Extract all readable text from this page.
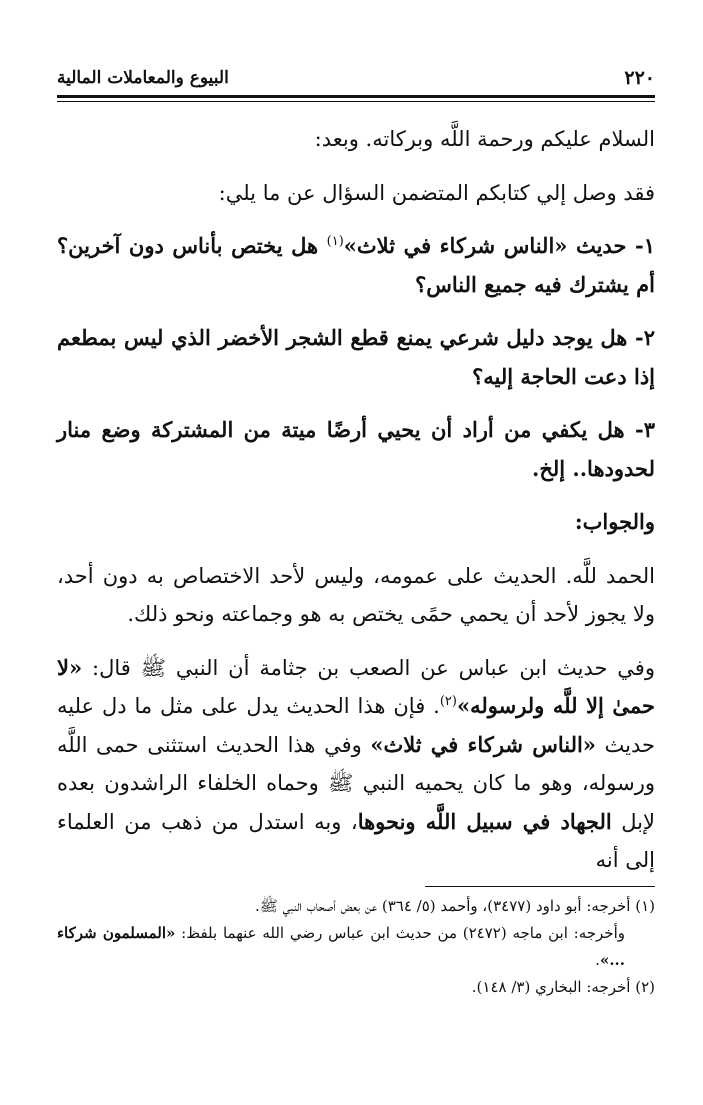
٢٢٠
البيوع والمعاملات المالية

السلام عليكم ورحمة اللَّه وبركاته. وبعد:

فقد وصل إلي كتابكم المتضمن السؤال عن ما يلي:

١- حديث «الناس شركاء في ثلاث»$^{(١)}$ هل يختص بأناس دون آخرين؟ أم يشترك فيه جميع الناس؟

٢- هل يوجد دليل شرعي يمنع قطع الشجر الأخضر الذي ليس بمطعم إذا دعت الحاجة إليه؟

٣- هل يكفي من أراد أن يحيي أرضًا ميتة من المشتركة وضع منار لحدودها.. إلخ.

والجواب:

الحمد للَّه. الحديث على عمومه، وليس لأحد الاختصاص به دون أحد، ولا يجوز لأحد أن يحمي حمًى يختص به هو وجماعته ونحو ذلك.

وفي حديث ابن عباس عن الصعب بن جثامة أن النبي ﷺ قال: «لا حمىٰ إلا للَّه ولرسوله»$^{(٢)}$. فإن هذا الحديث يدل على مثل ما دل عليه حديث «الناس شركاء في ثلاث» وفي هذا الحديث استثنى حمى اللَّه ورسوله، وهو ما كان يحميه النبي ﷺ وحماه الخلفاء الراشدون بعده لإبل الجهاد في سبيل اللَّه ونحوها، وبه استدل من ذهب من العلماء إلى أنه

(١) أخرجه: أبو داود (٣٤٧٧)، وأحمد (٥/ ٣٦٤) عن بعض أصحاب النبي ﷺ.

وأخرجه: ابن ماجه (٢٤٧٢) من حديث ابن عباس رضي الله عنهما بلفظ: «المسلمون شركاء ...».

(٢) أخرجه: البخاري (٣/ ١٤٨).
